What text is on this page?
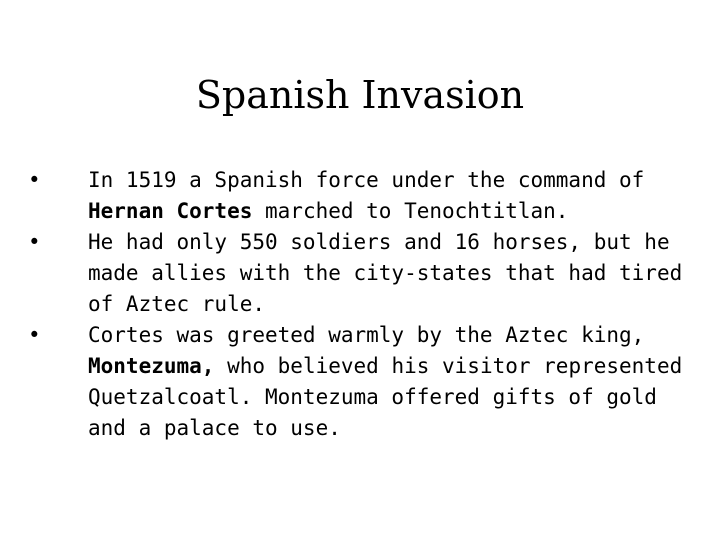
Spanish Invasion
•	In 1519 a Spanish force under the command of Hernan Cortes marched to Tenochtitlan.
•	He had only 550 soldiers and 16 horses, but he made allies with the city-states that had tired of Aztec rule.
•	Cortes was greeted warmly by the Aztec king, Montezuma, who believed his visitor represented Quetzalcoatl. Montezuma offered gifts of gold and a palace to use.
